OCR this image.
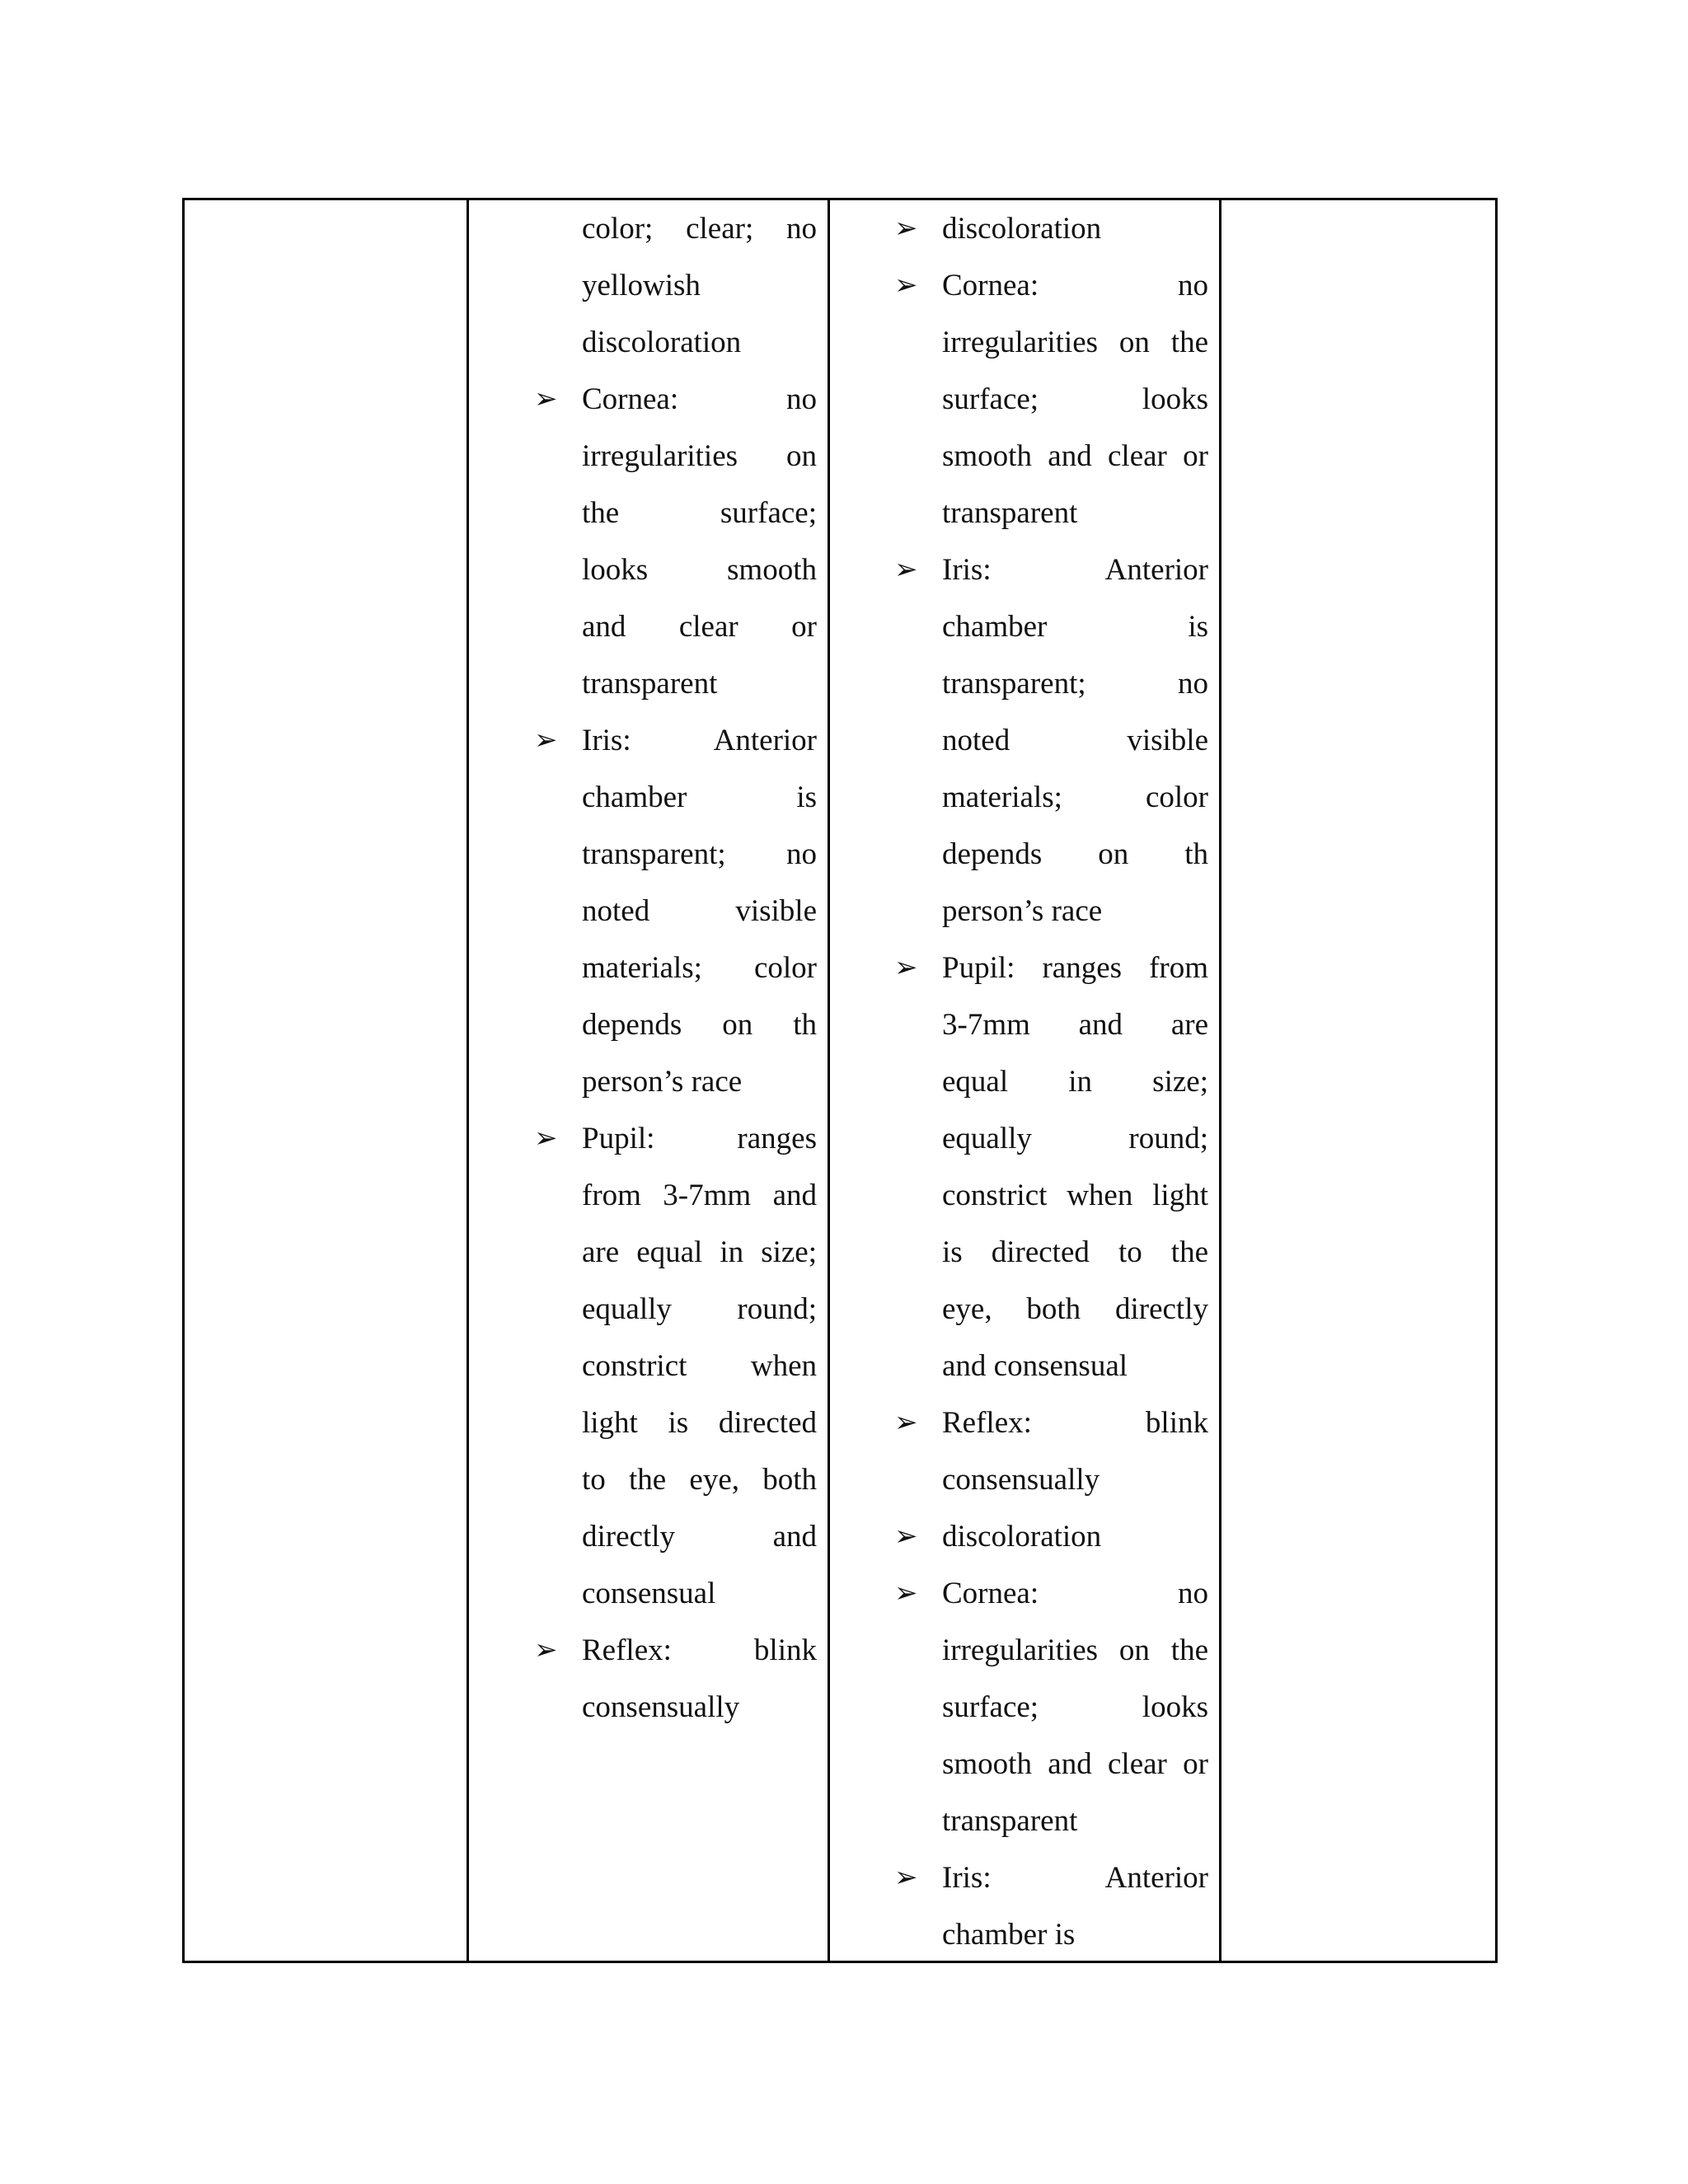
color; clear; no
yellowish
discoloration
➢ Cornea: no
irregularities on
the surface;
looks smooth
and clear or
transparent
➢ Iris: Anterior
chamber is
transparent; no
noted visible
materials; color
depends on th
person’s race
➢ Pupil: ranges
from 3-7mm and
are equal in size;
equally round;
constrict when
light is directed
to the eye, both
directly and
consensual
➢ Reflex: blink
consensually
➢ discoloration
➢ Cornea: no
irregularities on the
surface; looks
smooth and clear or
transparent
➢ Iris: Anterior
chamber is
transparent; no
noted visible
materials; color
depends on th
person’s race
➢ Pupil: ranges from
3-7mm and are
equal in size;
equally round;
constrict when light
is directed to the
eye, both directly
and consensual
➢ Reflex: blink
consensually
➢ discoloration
➢ Cornea: no
irregularities on the
surface; looks
smooth and clear or
transparent
➢ Iris: Anterior
chamber is
